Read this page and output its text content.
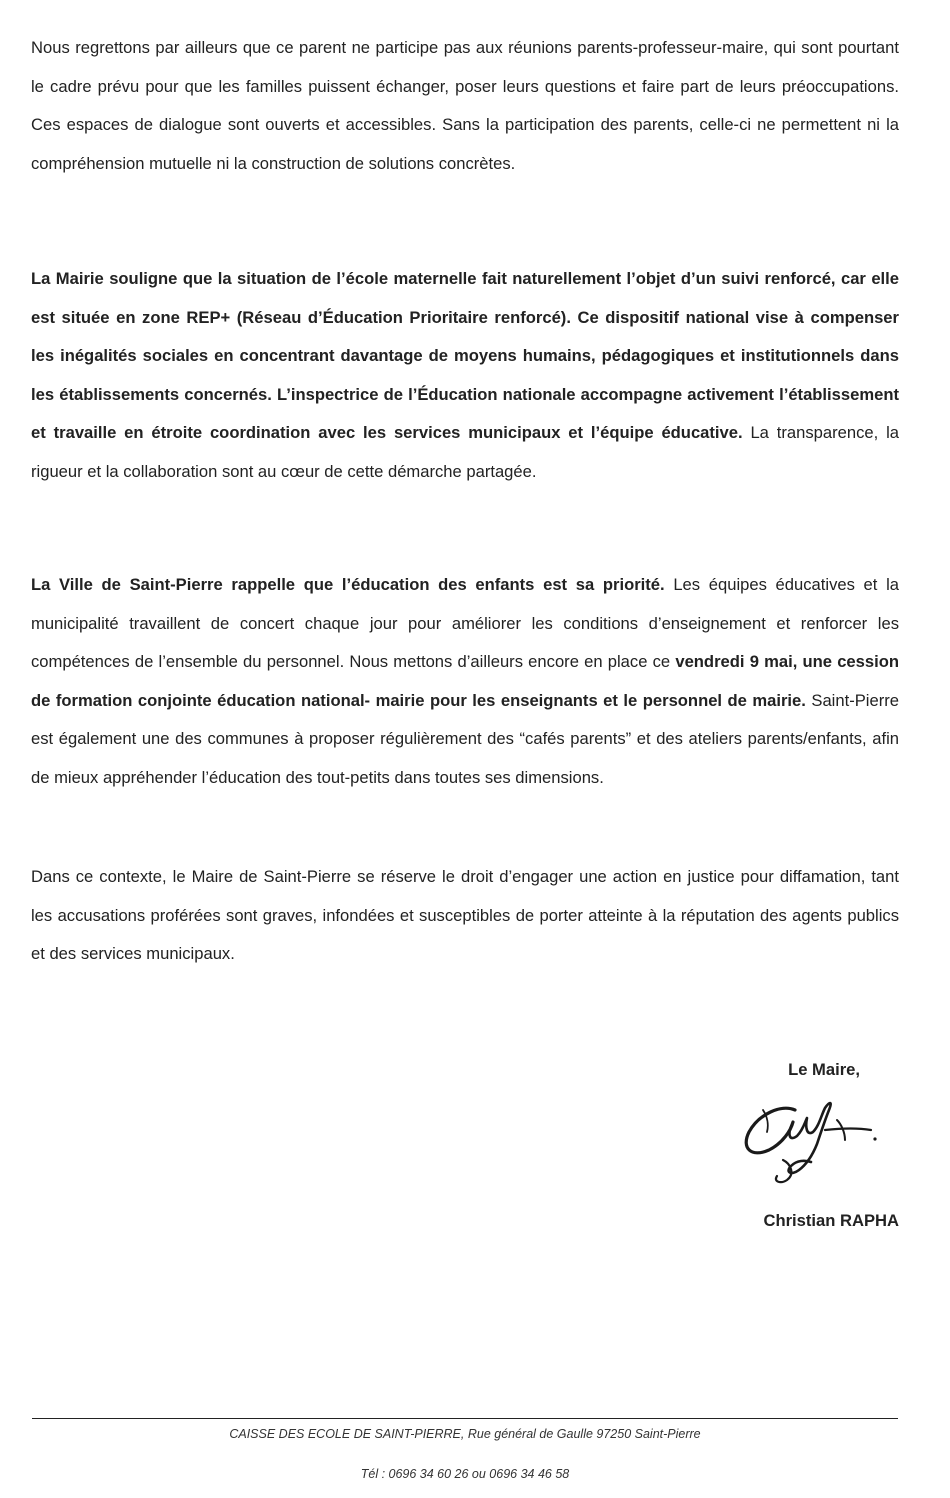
Nous regrettons par ailleurs que ce parent ne participe pas aux réunions parents-professeur-maire, qui sont pourtant le cadre prévu pour que les familles puissent échanger, poser leurs questions et faire part de leurs préoccupations. Ces espaces de dialogue sont ouverts et accessibles. Sans la participation des parents, celle-ci ne permettent ni la compréhension mutuelle ni la construction de solutions concrètes.

La Mairie souligne que la situation de l’école maternelle fait naturellement l’objet d’un suivi renforcé, car elle est située en zone REP+ (Réseau d’Éducation Prioritaire renforcé). Ce dispositif national vise à compenser les inégalités sociales en concentrant davantage de moyens humains, pédagogiques et institutionnels dans les établissements concernés. L’inspectrice de l’Éducation nationale accompagne activement l’établissement et travaille en étroite coordination avec les services municipaux et l’équipe éducative. La transparence, la rigueur et la collaboration sont au cœur de cette démarche partagée.

La Ville de Saint-Pierre rappelle que l’éducation des enfants est sa priorité. Les équipes éducatives et la municipalité travaillent de concert chaque jour pour améliorer les conditions d’enseignement et renforcer les compétences de l’ensemble du personnel. Nous mettons d’ailleurs encore en place ce vendredi 9 mai, une cession de formation conjointe éducation national- mairie pour les enseignants et le personnel de mairie. Saint-Pierre est également une des communes à proposer régulièrement des “cafés parents” et des ateliers parents/enfants, afin de mieux appréhender l’éducation des tout-petits dans toutes ses dimensions.

Dans ce contexte, le Maire de Saint-Pierre se réserve le droit d’engager une action en justice pour diffamation, tant les accusations proférées sont graves, infondées et susceptibles de porter atteinte à la réputation des agents publics et des services municipaux.

Le Maire,

Christian RAPHA

CAISSE DES ECOLE DE SAINT-PIERRE, Rue général de Gaulle 97250 Saint-Pierre

Tél : 0696 34 60 26 ou 0696 34 46 58
